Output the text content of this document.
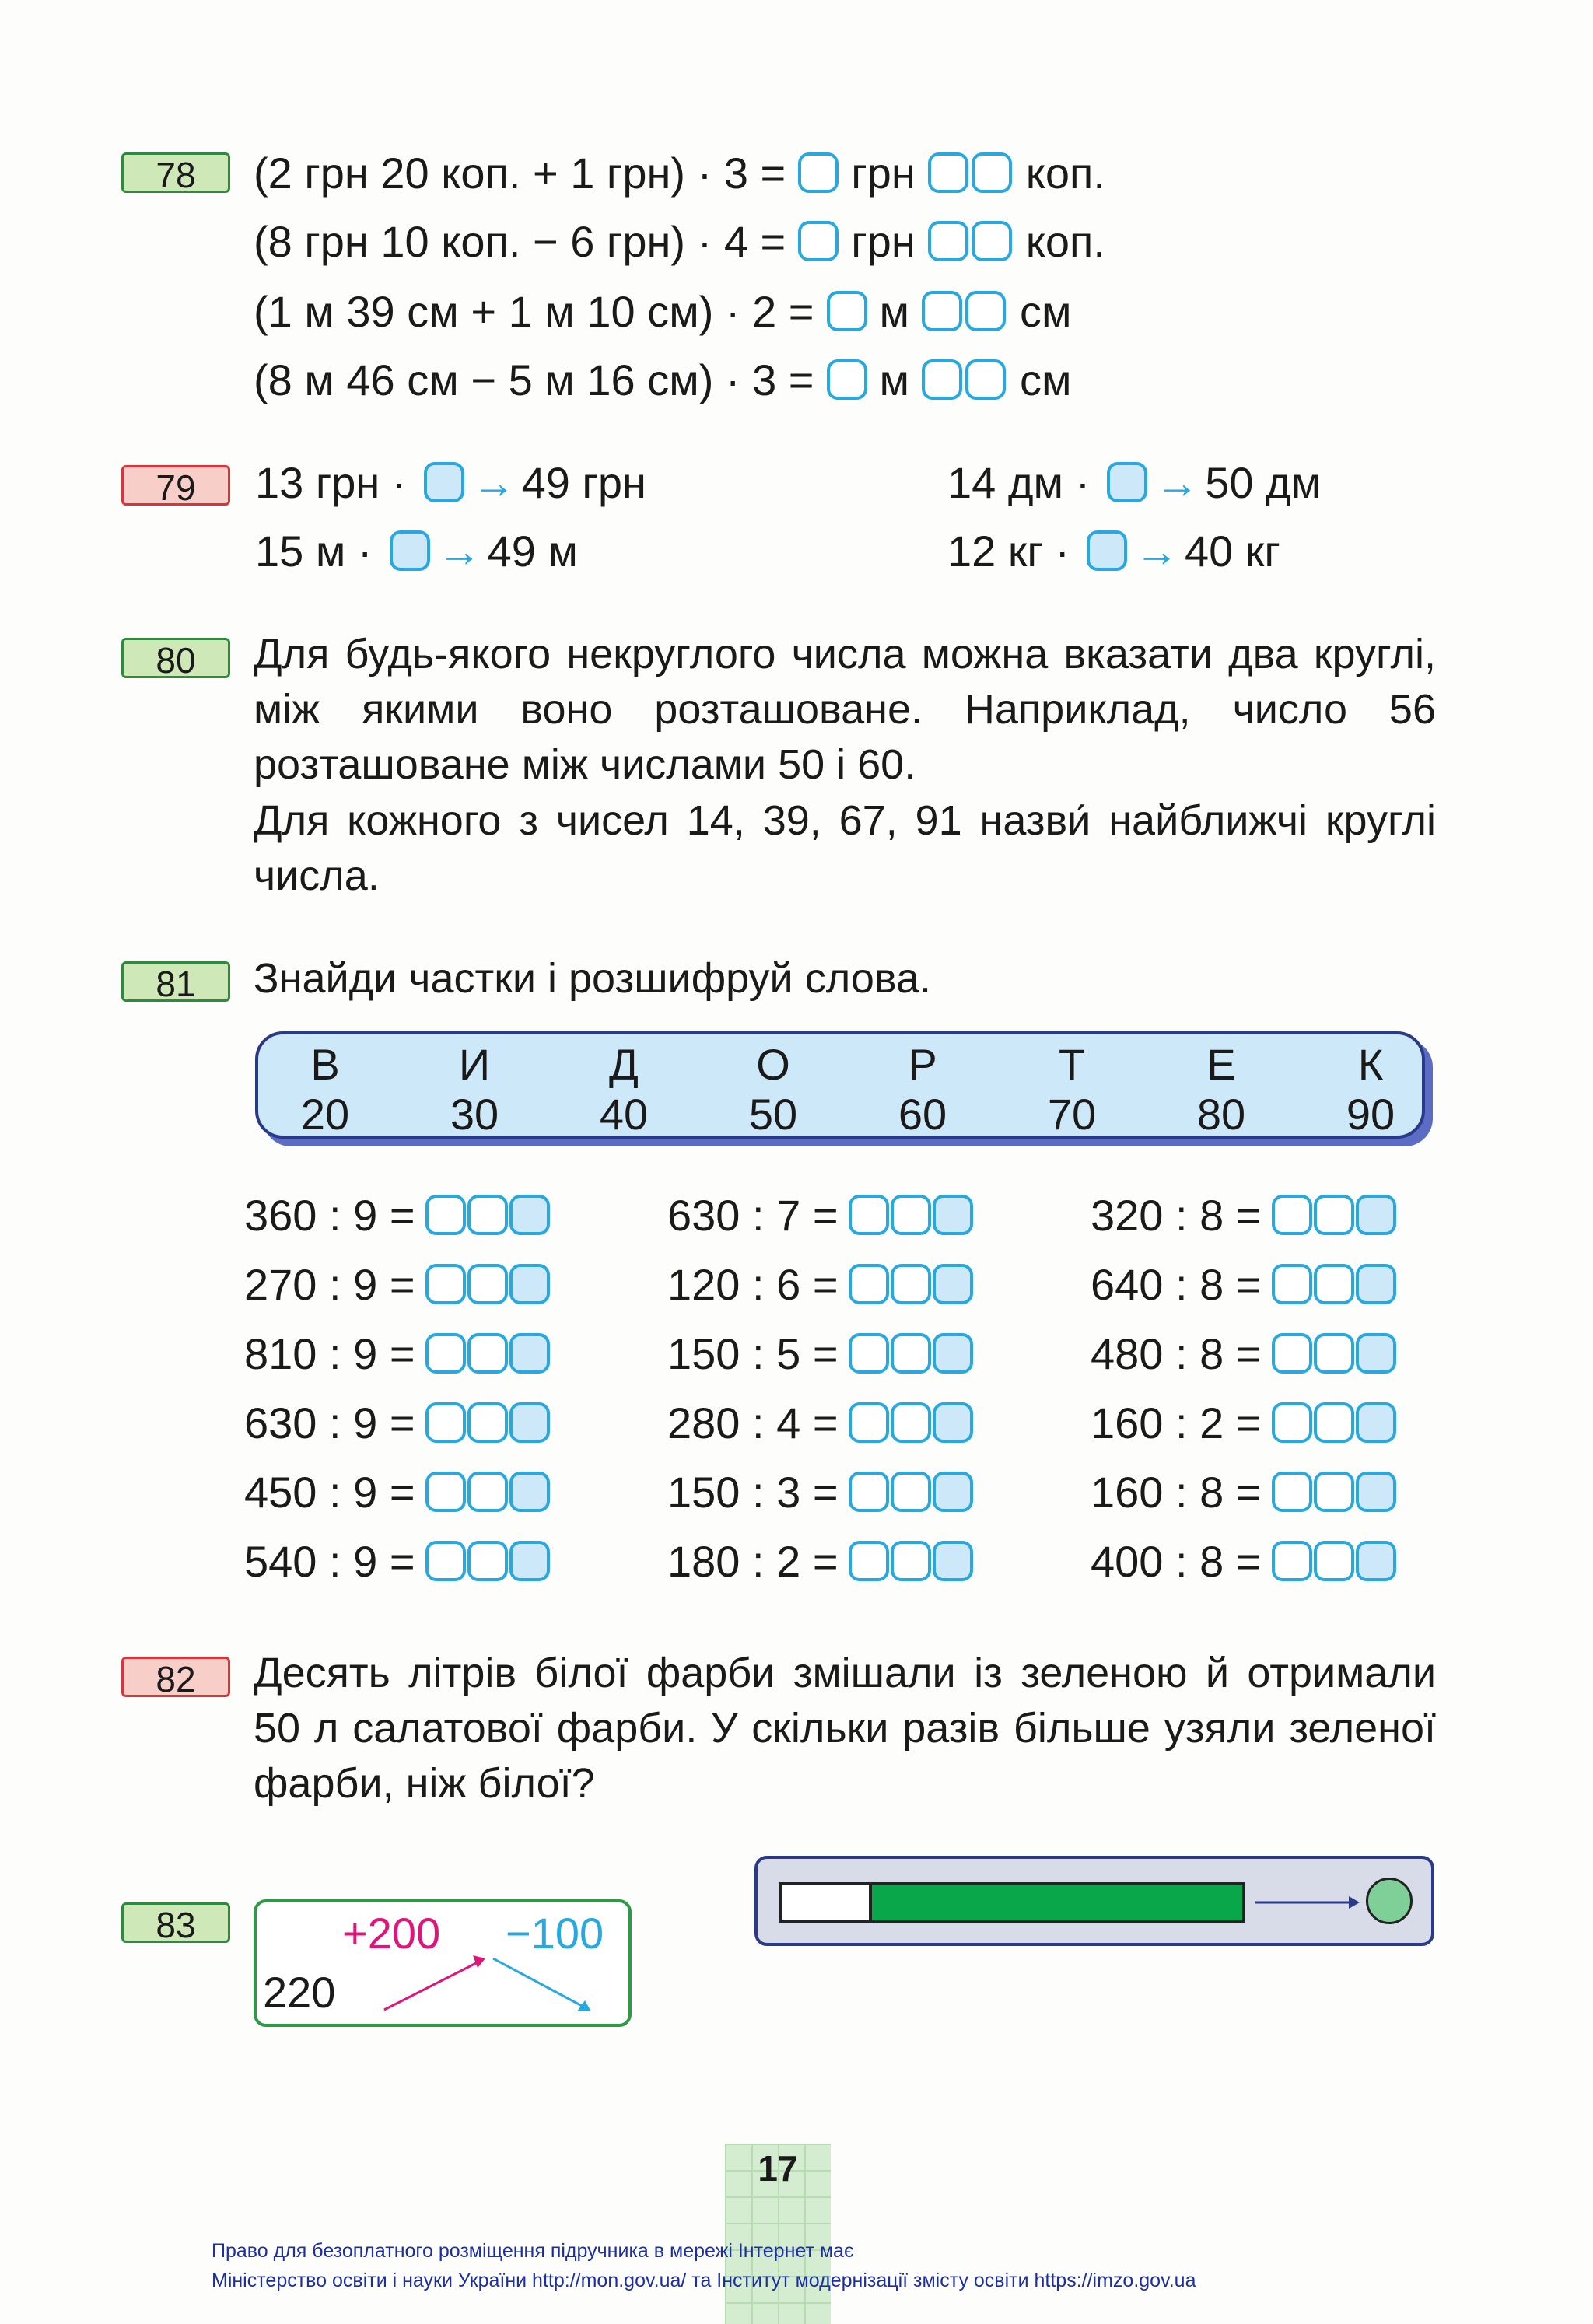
78	(2 грн 20 коп. + 1 грн) · 3 = грн	коп.
(8 грн 10 коп. − 6 грн) · 4 = грн	коп.
(1 м 39 см + 1 м 10 см) · 2 = м	см
(8 м 46 см − 5 м 16 см) · 3 = м	см
79	13 грн · → 49 грн	14 дм · → 50 дм
15 м · → 49 м	12 кг · → 40 кг
80	Для будь-якого некруглого числа можна вказати два круглі, між якими воно розташоване. Наприклад, число 56 розташоване між числами 50 і 60.
Для кожного з чисел 14, 39, 67, 91 назви́ найближчі круглі числа.
81	Знайди частки і розшифруй слова.
В	И	Д	О	Р	Т	Е	К
20	30	40	50	60	70	80	90
360 : 9 =
270 : 9 =
810 : 9 =
630 : 9 =
450 : 9 =
540 : 9 =
630 : 7 =
120 : 6 =
150 : 5 =
280 : 4 =
150 : 3 =
180 : 2 =
320 : 8 =
640 : 8 =
480 : 8 =
160 : 2 =
160 : 8 =
400 : 8 =
82	Десять літрів білої фарби змішали із зеленою й отримали 50 л салатової фарби. У скільки разів більше узяли зеленої фарби, ніж білої?
83	+200 −100
220
17
Право для безоплатного розміщення підручника в мережі Інтернет має
Міністерство освіти і науки України http://mon.gov.ua/ та Інститут модернізації змісту освіти https://imzo.gov.ua
